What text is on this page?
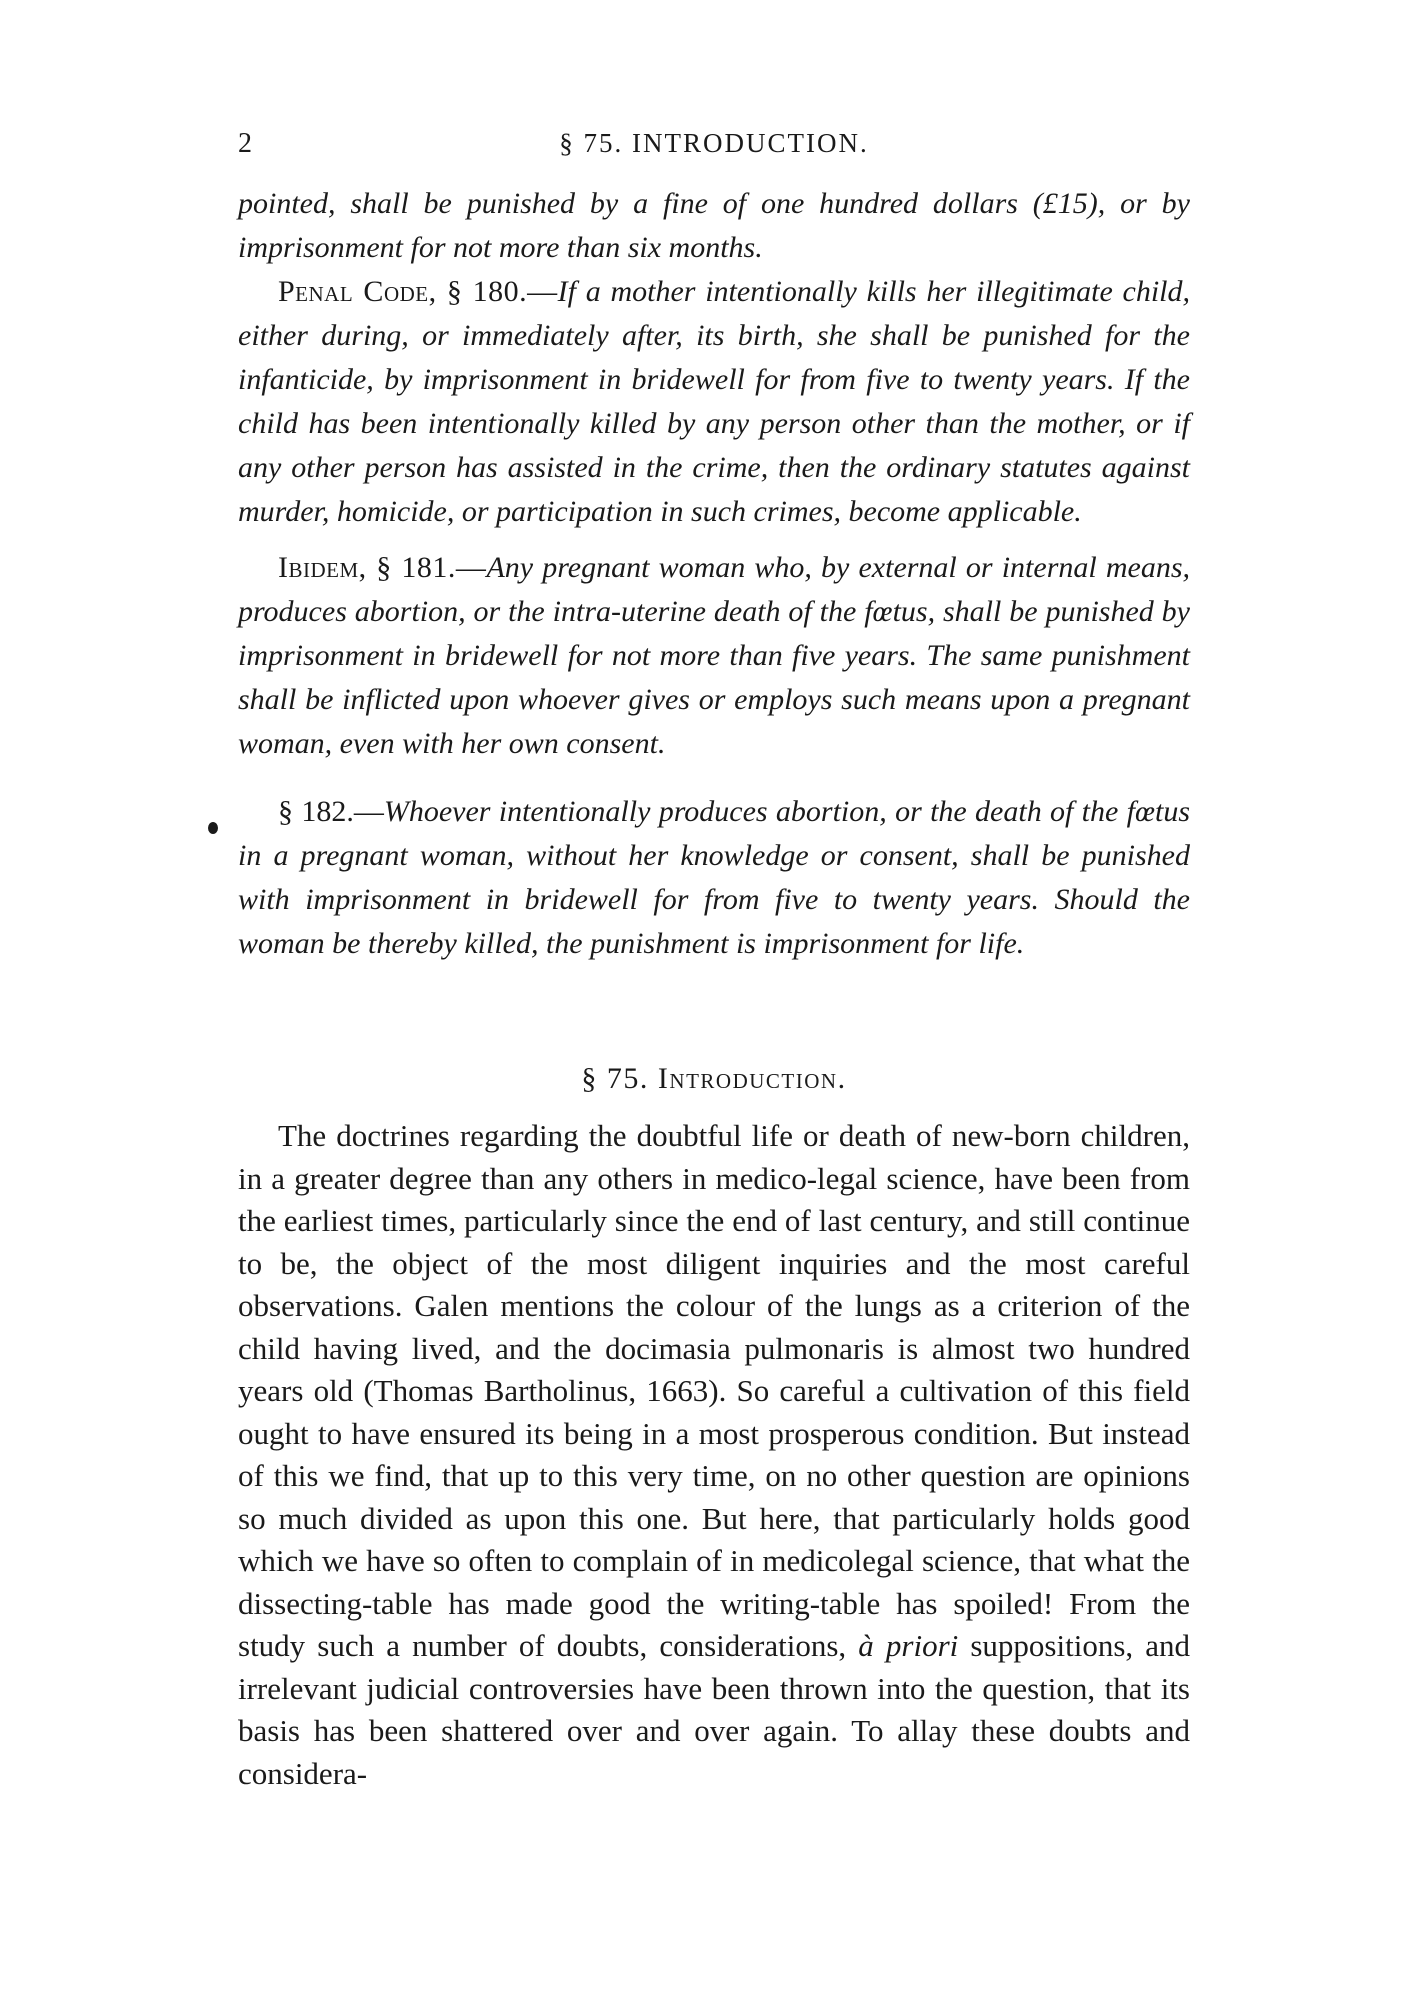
2	§ 75. INTRODUCTION.
pointed, shall be punished by a fine of one hundred dollars (£15), or by imprisonment for not more than six months.
Penal Code, § 180.—If a mother intentionally kills her illegitimate child, either during, or immediately after, its birth, she shall be punished for the infanticide, by imprisonment in bridewell for from five to twenty years. If the child has been intentionally killed by any person other than the mother, or if any other person has assisted in the crime, then the ordinary statutes against murder, homicide, or participation in such crimes, become applicable.
Ibidem, § 181.—Any pregnant woman who, by external or internal means, produces abortion, or the intra-uterine death of the fœtus, shall be punished by imprisonment in bridewell for not more than five years. The same punishment shall be inflicted upon whoever gives or employs such means upon a pregnant woman, even with her own consent.
§ 182.—Whoever intentionally produces abortion, or the death of the fœtus in a pregnant woman, without her knowledge or consent, shall be punished with imprisonment in bridewell for from five to twenty years. Should the woman be thereby killed, the punishment is imprisonment for life.
§ 75. Introduction.
The doctrines regarding the doubtful life or death of new-born children, in a greater degree than any others in medico-legal science, have been from the earliest times, particularly since the end of last century, and still continue to be, the object of the most diligent inquiries and the most careful observations. Galen mentions the colour of the lungs as a criterion of the child having lived, and the docimasia pulmonaris is almost two hundred years old (Thomas Bartholinus, 1663). So careful a cultivation of this field ought to have ensured its being in a most prosperous condition. But instead of this we find, that up to this very time, on no other question are opinions so much divided as upon this one. But here, that particularly holds good which we have so often to complain of in medicolegal science, that what the dissecting-table has made good the writing-table has spoiled! From the study such a number of doubts, considerations, à priori suppositions, and irrelevant judicial controversies have been thrown into the question, that its basis has been shattered over and over again. To allay these doubts and considera-
